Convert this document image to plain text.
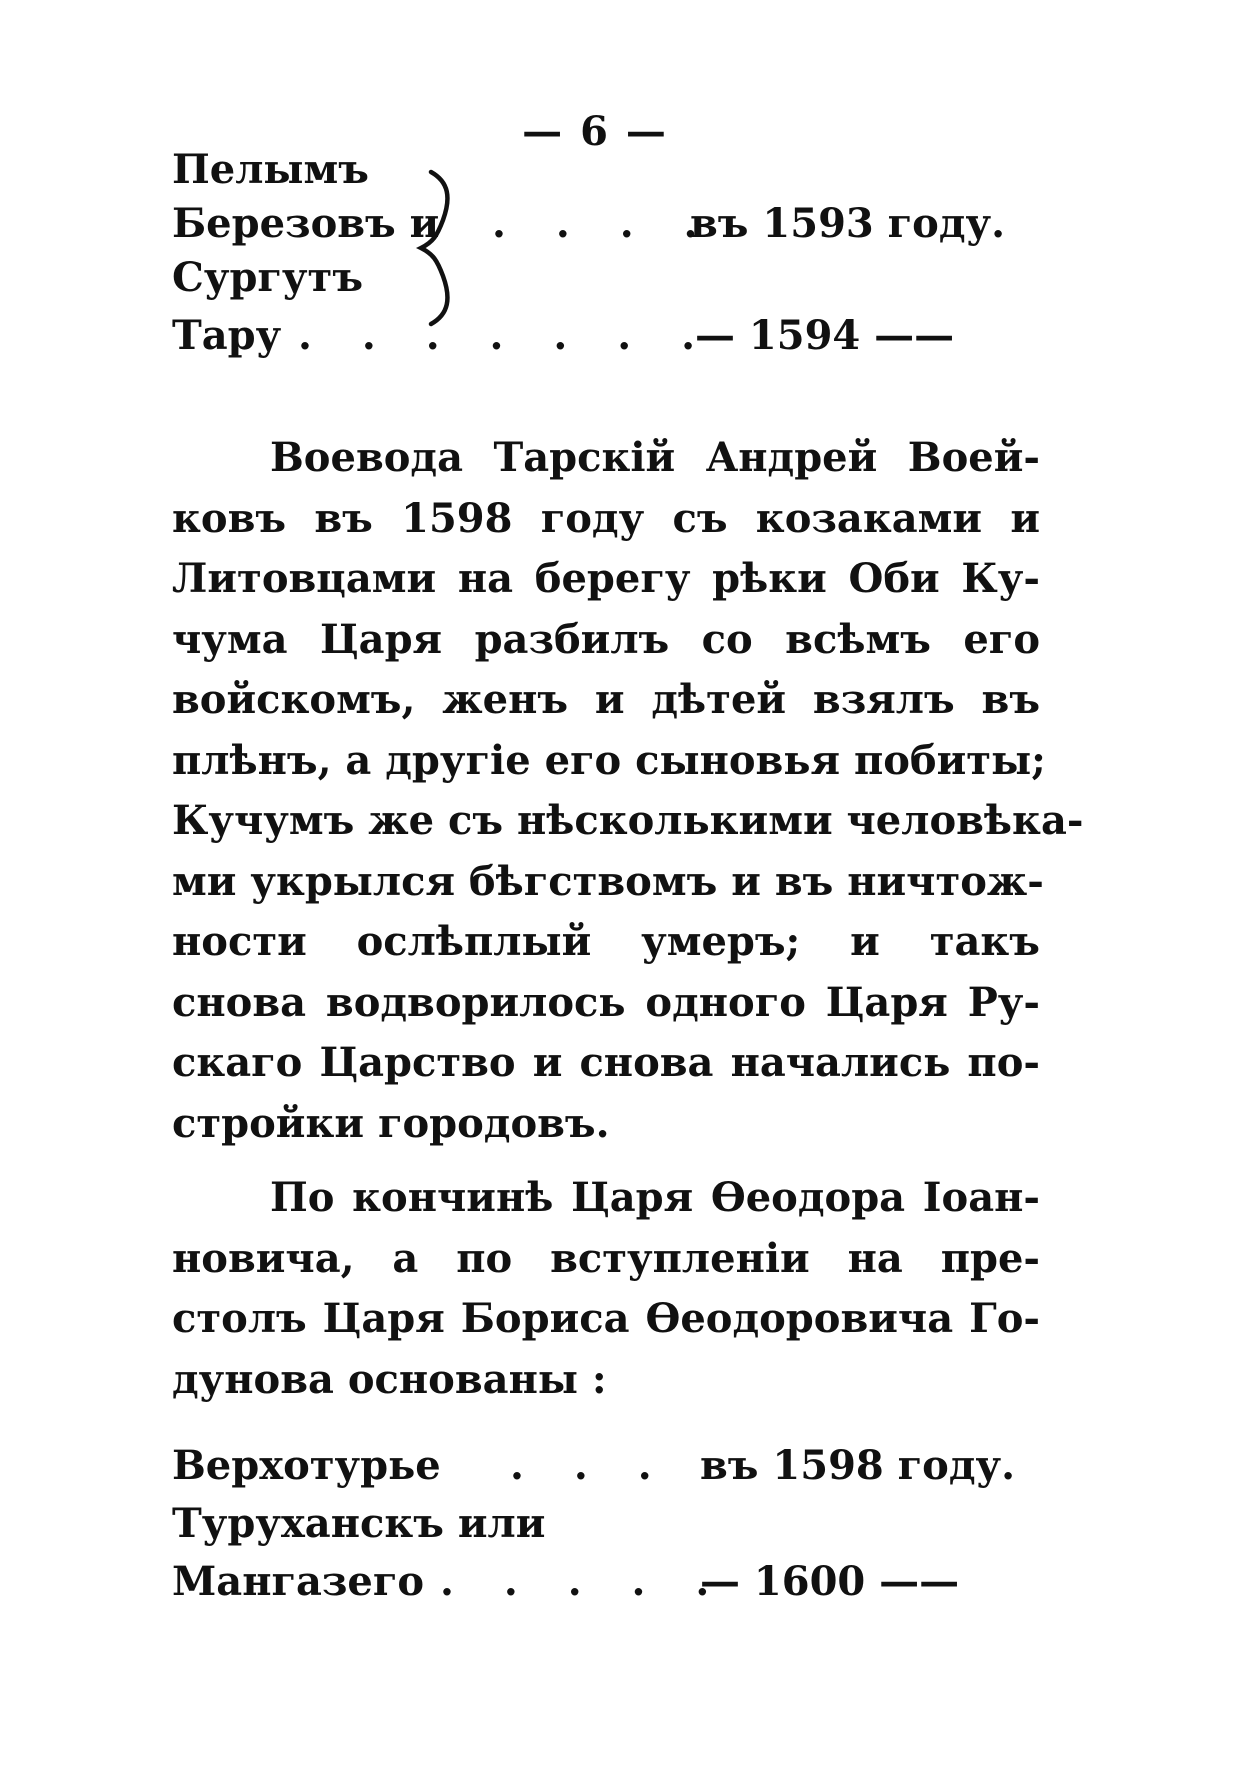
— 6 —
Пелымъ
Березовъ и . . . .
въ 1593 году.
Сургутъ
Тару . . . . . . .
— 1594 ——
Воевода Тарскій Андрей Воей-
ковъ въ 1598 году съ козаками и
Литовцами на берегу рѣки Оби Ку-
чума Царя разбилъ со всѣмъ его
войскомъ, женъ и дѣтей взялъ въ
плѣнъ, а другіе его сыновья побиты;
Кучумъ же съ нѣсколькими человѣка-
ми укрылся бѣгствомъ и въ ничтож-
ности ослѣплый умеръ; и такъ
снова водворилось одного Царя Ру-
скаго Царство и снова начались по-
стройки городовъ.
По кончинѣ Царя Ѳеодора Іоан-
новича, а по вступленіи на пре-
столъ Царя Бориса Ѳеодоровича Го-
дунова основаны :
Верхотурье . . . въ 1598 году.
Туруханскъ или
Мангазего . . . . .
— 1600 ——
